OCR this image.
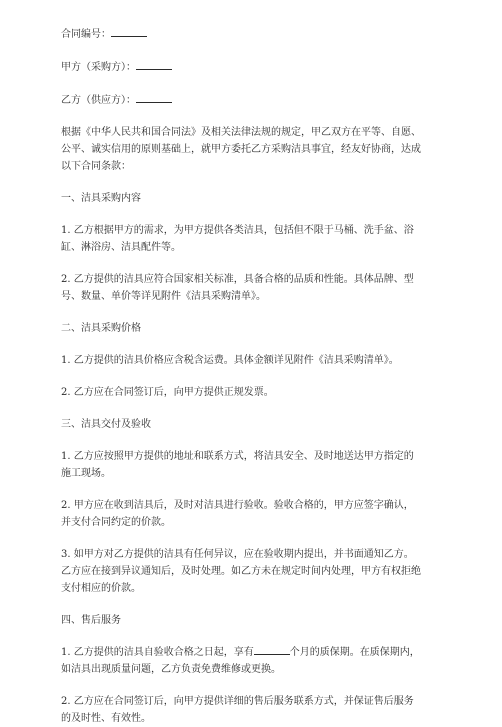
合同编号：

甲方（采购方）：

乙方（供应方）：

根据《中华人民共和国合同法》及相关法律法规的规定，甲乙双方在平等、自愿、

公平、诚实信用的原则基础上，就甲方委托乙方采购洁具事宜，经友好协商，达成

以下合同条款：

一、洁具采购内容

1. 乙方根据甲方的需求，为甲方提供各类洁具，包括但不限于马桶、洗手盆、浴

缸、淋浴房、洁具配件等。

2. 乙方提供的洁具应符合国家相关标准，具备合格的品质和性能。具体品牌、型

号、数量、单价等详见附件《洁具采购清单》。

二、洁具采购价格

1. 乙方提供的洁具价格应含税含运费。具体金额详见附件《洁具采购清单》。

2. 乙方应在合同签订后，向甲方提供正规发票。

三、洁具交付及验收

1. 乙方应按照甲方提供的地址和联系方式，将洁具安全、及时地送达甲方指定的

施工现场。

2. 甲方应在收到洁具后，及时对洁具进行验收。验收合格的，甲方应签字确认，

并支付合同约定的价款。

3. 如甲方对乙方提供的洁具有任何异议，应在验收期内提出，并书面通知乙方。

乙方应在接到异议通知后，及时处理。如乙方未在规定时间内处理，甲方有权拒绝

支付相应的价款。

四、售后服务

1. 乙方提供的洁具自验收合格之日起，享有	个月的质保期。在质保期内，

如洁具出现质量问题，乙方负责免费维修或更换。

2. 乙方应在合同签订后，向甲方提供详细的售后服务联系方式，并保证售后服务

的及时性、有效性。
